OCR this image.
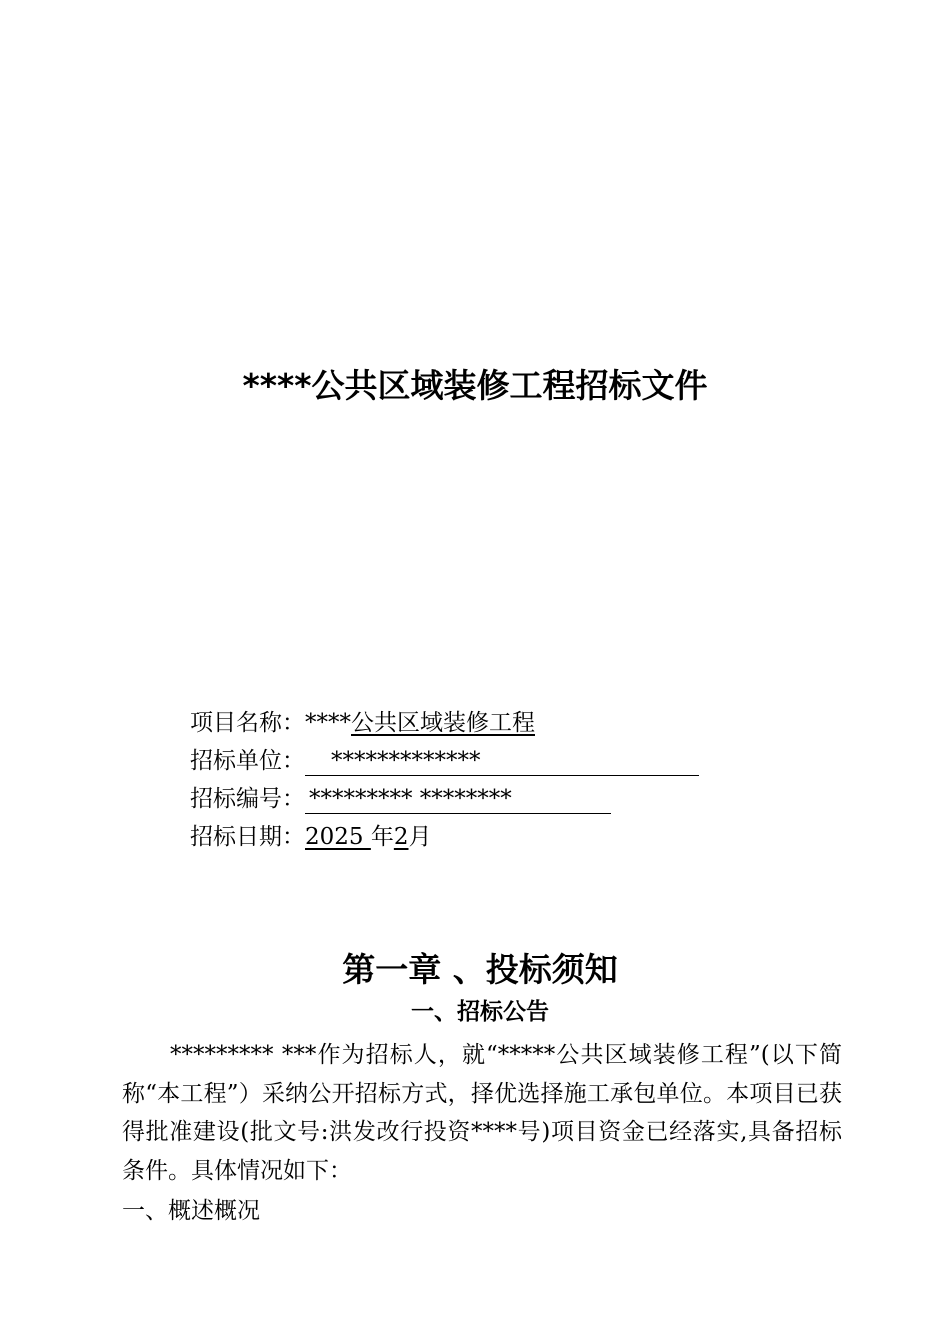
****公共区域装修工程招标文件
项目名称：****公共区域装修工程
招标单位： *************
招标编号： ********* ********
招标日期：2025 年2月
第一章 、投标须知
一、招标公告
********* ***作为招标人，就“*****公共区域装修工程”(以下简称“本工程”）采纳公开招标方式，择优选择施工承包单位。本项目已获得批准建设(批文号:洪发改行投资****号)项目资金已经落实,具备招标条件。具体情况如下：
一、概述概况
